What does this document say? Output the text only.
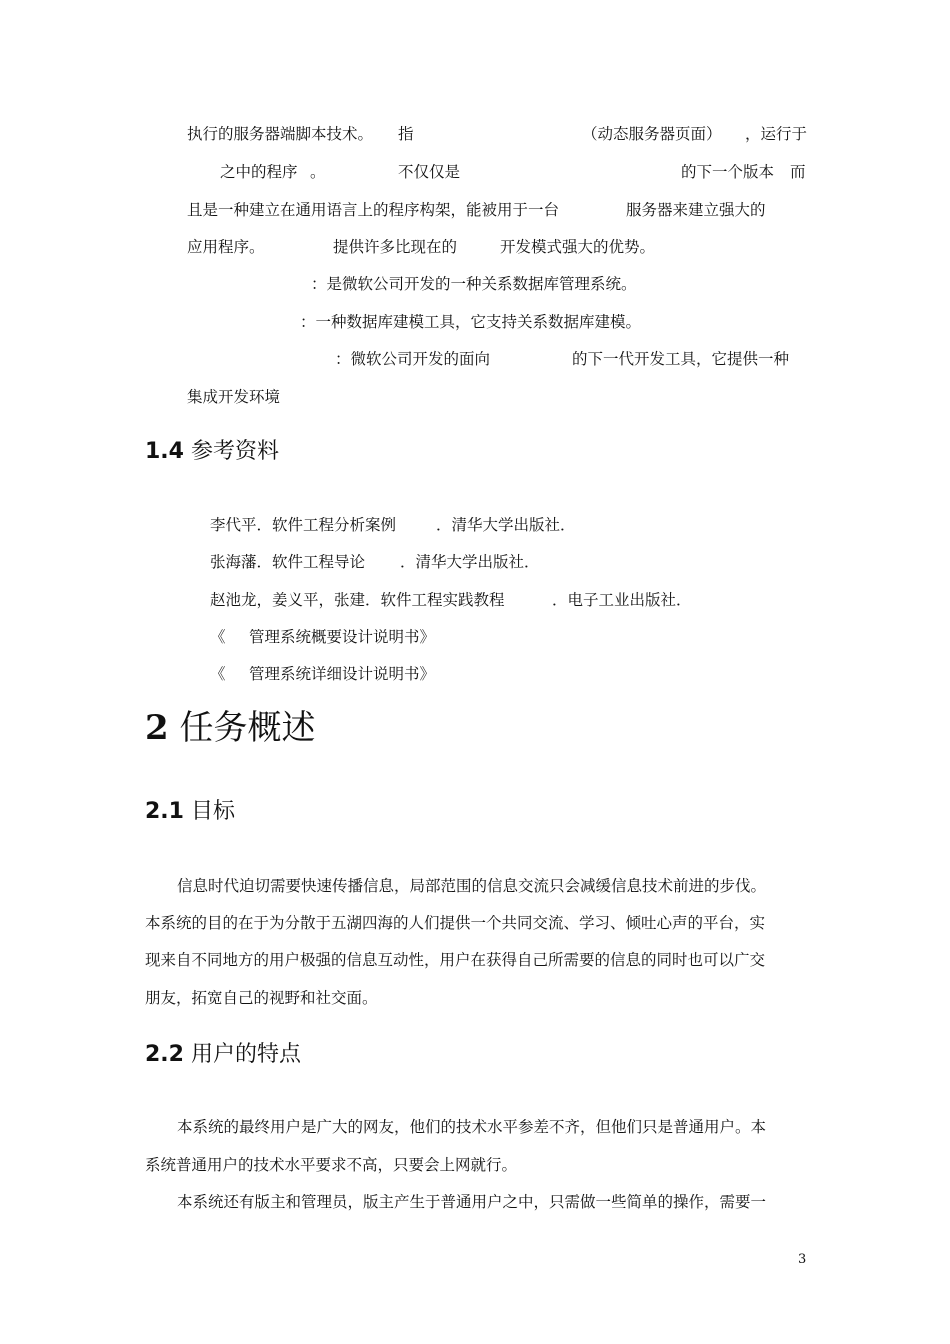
执行的服务器端脚本技术。 指	（动态服务器页面） ，运行于
之中的程序 。	不仅仅是	的下一个版本 而
且是一种建立在通用语言上的程序构架，能被用于一台	服务器来建立强大的
应用程序。	提供许多比现在的	开发模式强大的优势。
：是微软公司开发的一种关系数据库管理系统。
：一种数据库建模工具，它支持关系数据库建模。
：微软公司开发的面向	的下一代开发工具，它提供一种
集成开发环境
1.4 参考资料
李代平．软件工程分析案例	．清华大学出版社．
张海藩．软件工程导论 ．清华大学出版社．
赵池龙，姜义平，张建．软件工程实践教程	．电子工业出版社．
《 管理系统概要设计说明书》
《 管理系统详细设计说明书》
2 任务概述
2.1 目标
信息时代迫切需要快速传播信息，局部范围的信息交流只会减缓信息技术前进的步伐。
本系统的目的在于为分散于五湖四海的人们提供一个共同交流、学习、倾吐心声的平台，实
现来自不同地方的用户极强的信息互动性，用户在获得自己所需要的信息的同时也可以广交
朋友，拓宽自己的视野和社交面。
2.2 用户的特点
本系统的最终用户是广大的网友，他们的技术水平参差不齐，但他们只是普通用户。本
系统普通用户的技术水平要求不高，只要会上网就行。
本系统还有版主和管理员，版主产生于普通用户之中，只需做一些简单的操作，需要一
3
